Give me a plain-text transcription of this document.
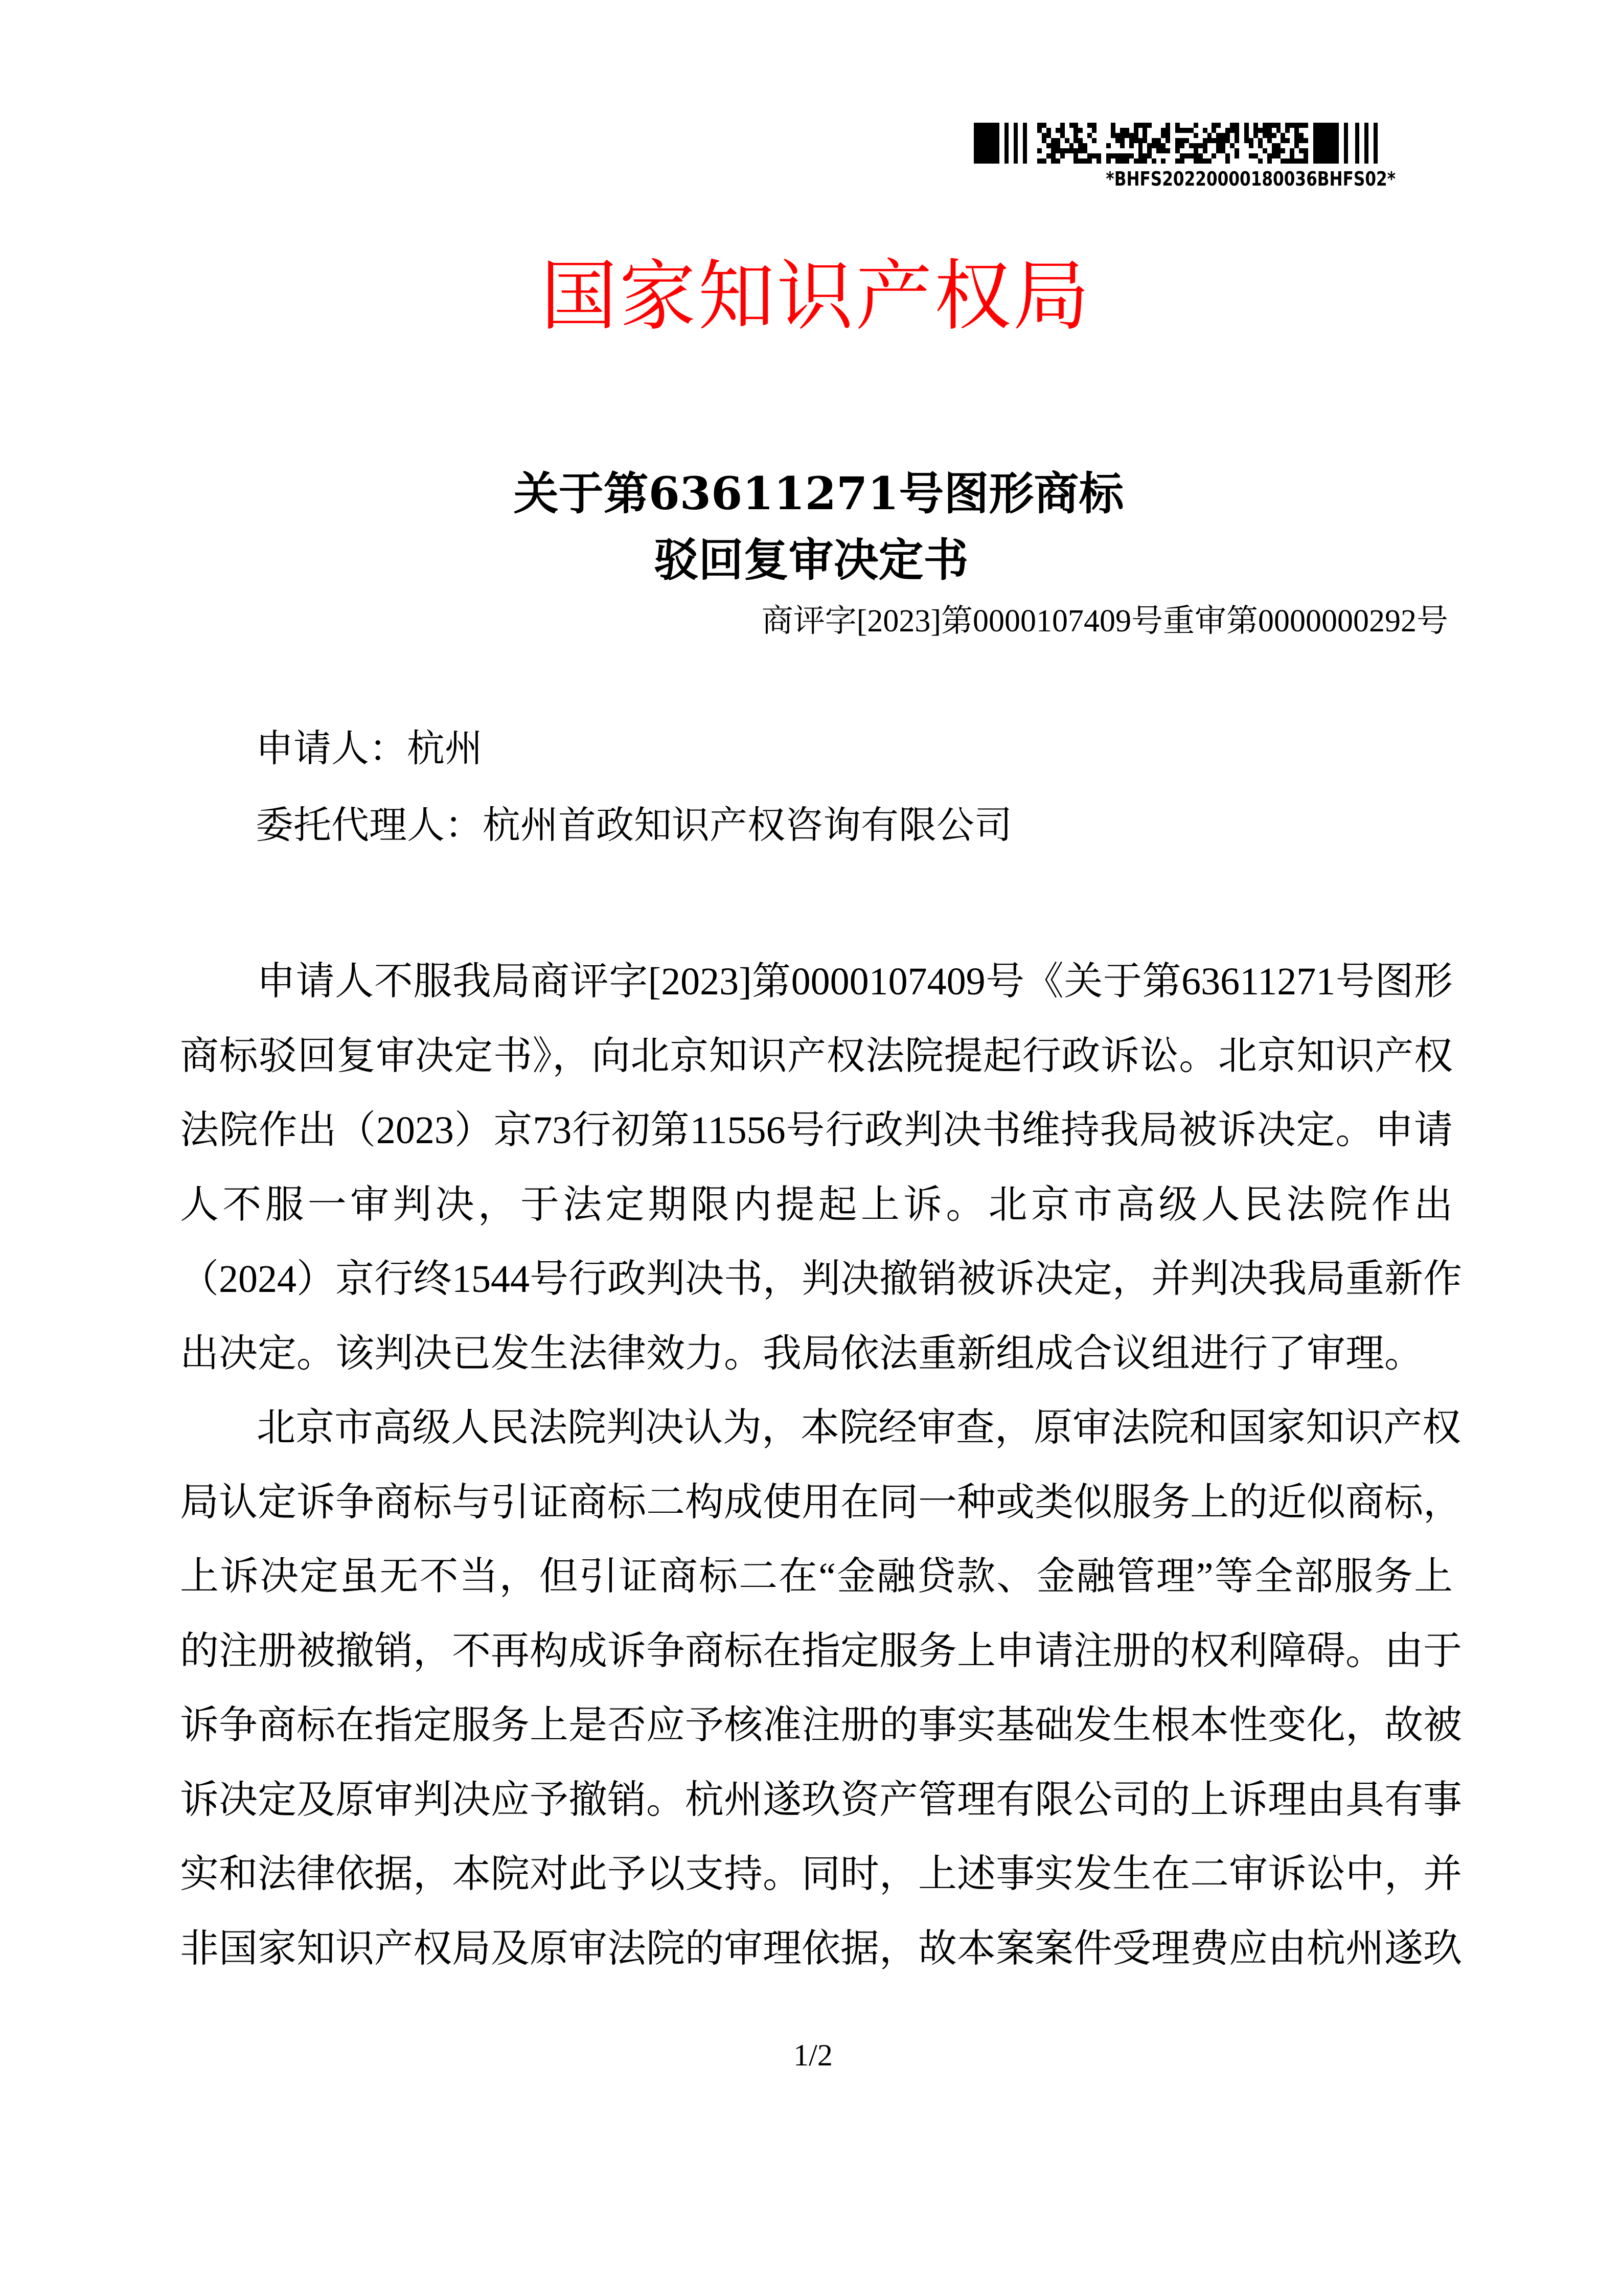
*BHFS20220000180036BHFS02*
国家知识产权局
关于第63611271号图形商标
驳回复审决定书
商评字[2023]第0000107409号重审第0000000292号
申请人：杭州
委托代理人：杭州首政知识产权咨询有限公司
申请人不服我局商评字[2023]第0000107409号《关于第63611271号图形
商标驳回复审决定书》，向北京知识产权法院提起行政诉讼。北京知识产权
法院作出（2023）京73行初第11556号行政判决书维持我局被诉决定。申请
人不服一审判决，于法定期限内提起上诉。北京市高级人民法院作出
（2024）京行终1544号行政判决书，判决撤销被诉决定，并判决我局重新作
出决定。该判决已发生法律效力。我局依法重新组成合议组进行了审理。
北京市高级人民法院判决认为，本院经审查，原审法院和国家知识产权
局认定诉争商标与引证商标二构成使用在同一种或类似服务上的近似商标，
上诉决定虽无不当，但引证商标二在“金融贷款、金融管理”等全部服务上
的注册被撤销，不再构成诉争商标在指定服务上申请注册的权利障碍。由于
诉争商标在指定服务上是否应予核准注册的事实基础发生根本性变化，故被
诉决定及原审判决应予撤销。杭州遂玖资产管理有限公司的上诉理由具有事
实和法律依据，本院对此予以支持。同时，上述事实发生在二审诉讼中，并
非国家知识产权局及原审法院的审理依据，故本案案件受理费应由杭州遂玖
1/2
